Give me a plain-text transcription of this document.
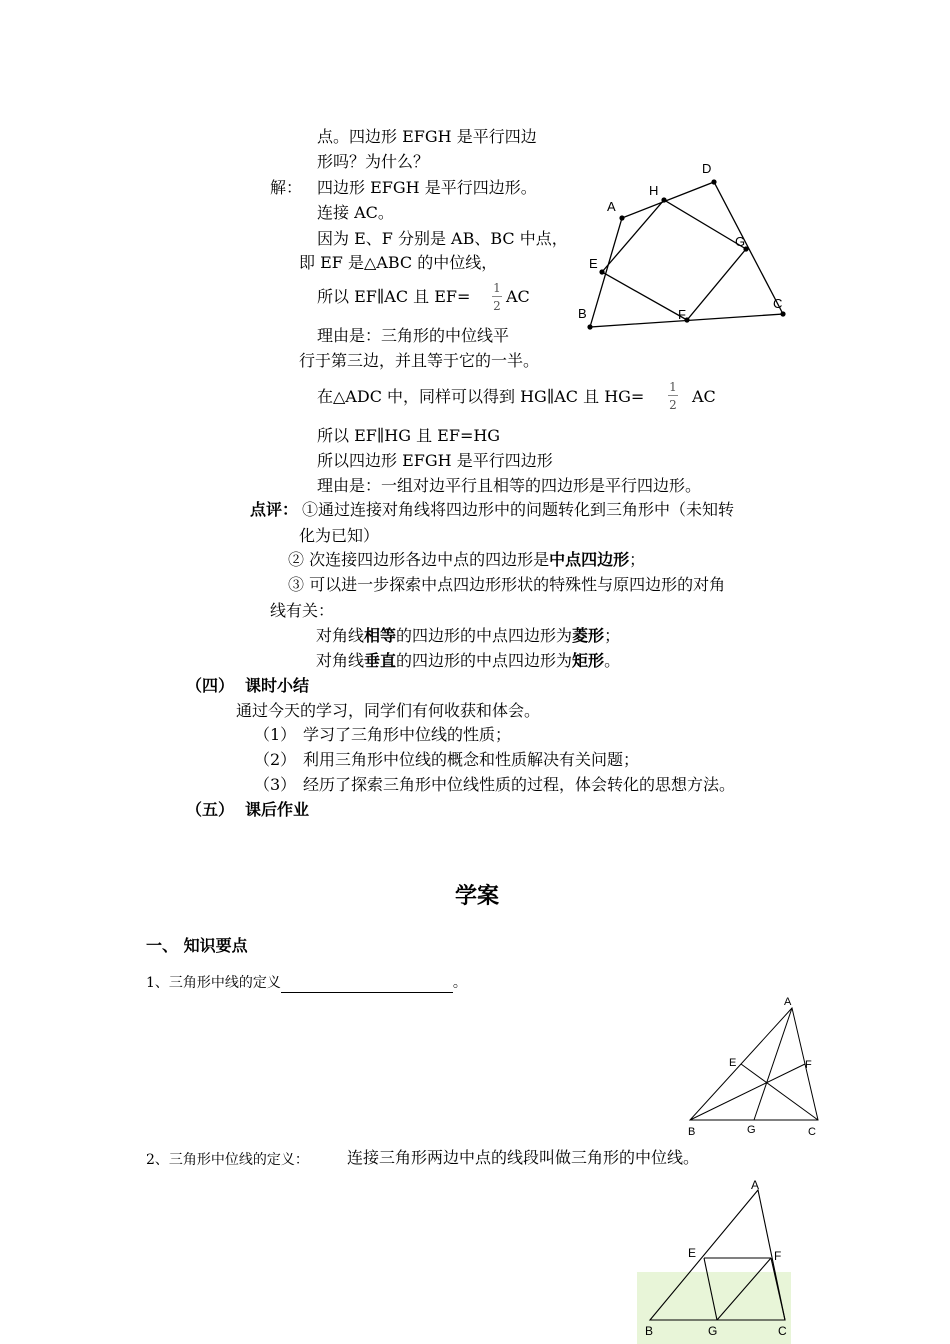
点。四边形 EFGH 是平行四边
形吗？为什么？
解： 四边形 EFGH 是平行四边形。
连接 AC。
因为 E、F 分别是 AB、BC 中点，
即 EF 是△ABC 的中位线，
所以 EF∥AC 且 EF= 1
2 AC
理由是：三角形的中位线平
行于第三边，并且等于它的一半。
在△ADC 中，同样可以得到 HG∥AC 且 HG= 1
2 AC
所以 EF∥HG 且 EF=HG
所以四边形 EFGH 是平行四边形
理由是：一组对边平行且相等的四边形是平行四边形。
点评： ①通过连接对角线将四边形中的问题转化到三角形中（未知转
化为已知）
② 次连接四边形各边中点的四边形是中点四边形；
③ 可以进一步探索中点四边形形状的特殊性与原四边形的对角
线有关：
对角线相等的四边形的中点四边形为菱形；
对角线垂直的四边形的中点四边形为矩形。
（四） 课时小结
通过今天的学习，同学们有何收获和体会。
（1） 学习了三角形中位线的性质；
（2） 利用三角形中位线的概念和性质解决有关问题；
（3） 经历了探索三角形中位线性质的过程，体会转化的思想方法。
（五） 课后作业
学案
一、 知识要点
1、三角形中线的定义	。
2、三角形中位线的定义： 连接三角形两边中点的线段叫做三角形的中位线。
A
D
H
G
E
C
F
B
A
E	F
B	G	C
A
E	F
B	G	C
